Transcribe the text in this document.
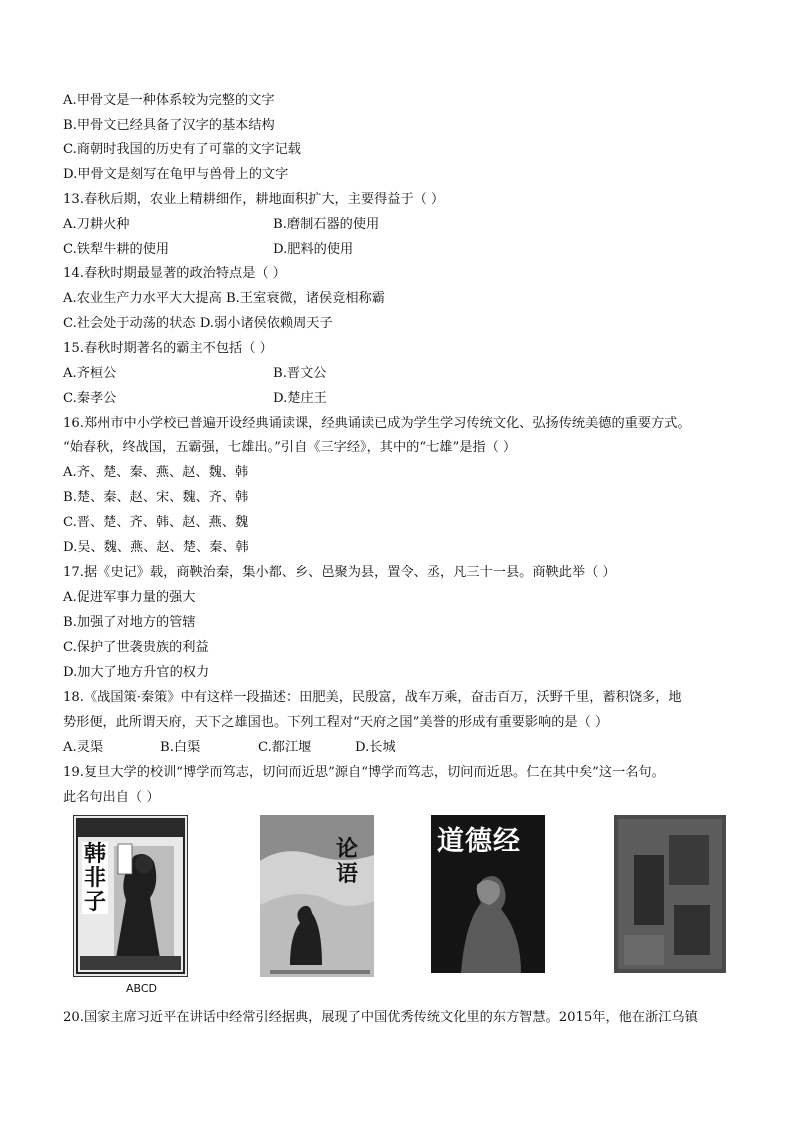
A.甲骨文是一种体系较为完整的文字
B.甲骨文已经具备了汉字的基本结构
C.商朝时我国的历史有了可靠的文字记载
D.甲骨文是刻写在龟甲与兽骨上的文字
13.春秋后期，农业上精耕细作，耕地面积扩大，主要得益于（ ）
A.刀耕火种	B.磨制石器的使用
C.铁犁牛耕的使用	D.肥料的使用
14.春秋时期最显著的政治特点是（ ）
A.农业生产力水平大大提高 B.王室衰微，诸侯竞相称霸
C.社会处于动荡的状态 D.弱小诸侯依赖周天子
15.春秋时期著名的霸主不包括（ ）
A.齐桓公	B.晋文公
C.秦孝公	D.楚庄王
16.郑州市中小学校已普遍开设经典诵读课，经典诵读已成为学生学习传统文化、弘扬传统美德的重要方式。
“始春秋，终战国，五霸强，七雄出。”引自《三字经》，其中的“七雄”是指（ ）
A.齐、楚、秦、燕、赵、魏、韩
B.楚、秦、赵、宋、魏、齐、韩
C.晋、楚、齐、韩、赵、燕、魏
D.吴、魏、燕、赵、楚、秦、韩
17.据《史记》载，商鞅治秦，集小都、乡、邑聚为县，置令、丞，凡三十一县。商鞅此举（ ）
A.促进军事力量的强大
B.加强了对地方的管辖
C.保护了世袭贵族的利益
D.加大了地方升官的权力
18.《战国策·秦策》中有这样一段描述：田肥美，民殷富，战车万乘，奋击百万，沃野千里，蓄积饶多，地
势形便，此所谓天府，天下之雄国也。下列工程对“天府之国”美誉的形成有重要影响的是（ ）
A.灵渠	B.白渠	C.都江堰	D.长城
19.复旦大学的校训“博学而笃志，切问而近思”源自“博学而笃志，切问而近思。仁在其中矣”这一名句。
此名句出自（ ）
韩非子
论语
道德经
ABCD
20.国家主席习近平在讲话中经常引经据典，展现了中国优秀传统文化里的东方智慧。2015年，他在浙江乌镇
